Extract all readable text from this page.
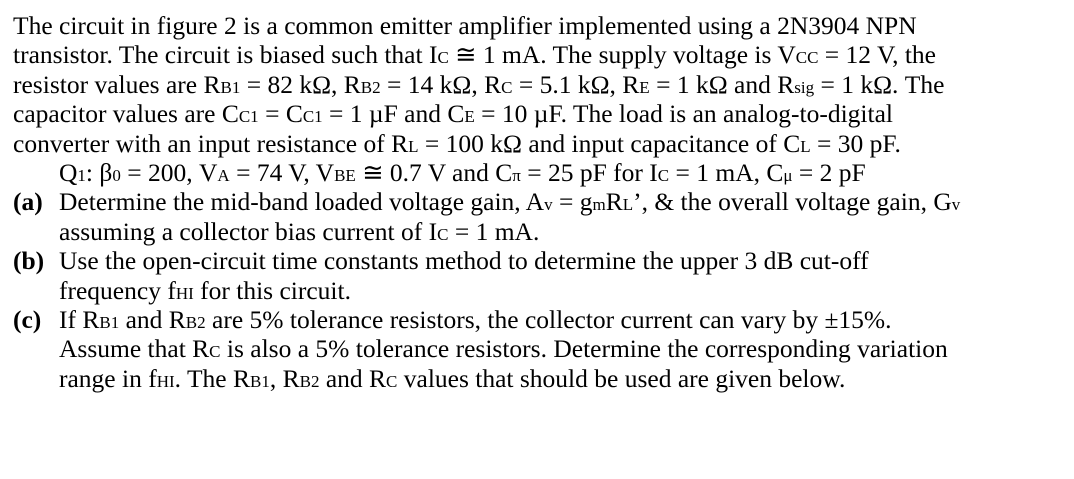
The circuit in figure 2 is a common emitter amplifier implemented using a 2N3904 NPN
transistor. The circuit is biased such that IC ≅ 1 mA. The supply voltage is VCC = 12 V, the
resistor values are RB1 = 82 kΩ, RB2 = 14 kΩ, RC = 5.1 kΩ, RE = 1 kΩ and Rsig = 1 kΩ. The
capacitor values are CC1 = CC1 = 1 µF and CE = 10 µF. The load is an analog-to-digital
converter with an input resistance of RL = 100 kΩ and input capacitance of CL = 30 pF.
Q1: β0 = 200, VA = 74 V, VBE ≅ 0.7 V and Cπ = 25 pF for IC = 1 mA, Cμ = 2 pF
(a) Determine the mid-band loaded voltage gain, Av = gmRL’, & the overall voltage gain, Gv
assuming a collector bias current of IC = 1 mA.
(b) Use the open-circuit time constants method to determine the upper 3 dB cut-off
frequency fHI for this circuit.
(c) If RB1 and RB2 are 5% tolerance resistors, the collector current can vary by ±15%.
Assume that RC is also a 5% tolerance resistors. Determine the corresponding variation
range in fHI. The RB1, RB2 and RC values that should be used are given below.
